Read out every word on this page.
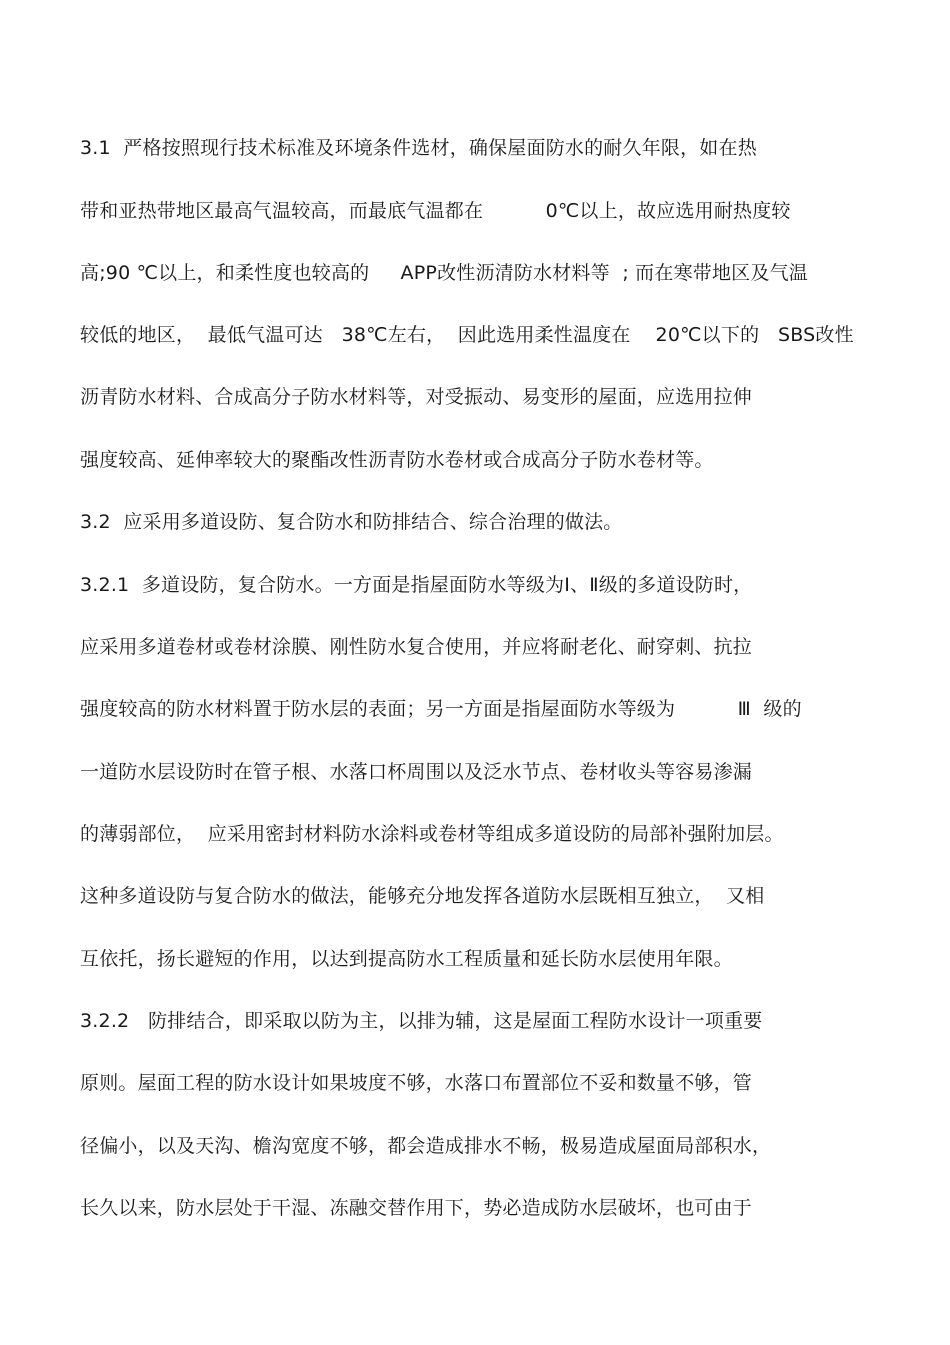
3.1  严格按照现行技术标准及环境条件选材，确保屋面防水的耐久年限，如在热
带和亚热带地区最高气温较高，而最底气温都在          0℃以上，故应选用耐热度较
高;90 ℃以上，和柔性度也较高的     APP改性沥清防水材料等  ; 而在寒带地区及气温
较低的地区，  最低气温可达   38℃左右，  因此选用柔性温度在    20℃以下的   SBS改性
沥青防水材料、合成高分子防水材料等，对受振动、易变形的屋面，应选用拉伸
强度较高、延伸率较大的聚酯改性沥青防水卷材或合成高分子防水卷材等。
3.2  应采用多道设防、复合防水和防排结合、综合治理的做法。
3.2.1  多道设防，复合防水。一方面是指屋面防水等级为Ⅰ、Ⅱ级的多道设防时，
应采用多道卷材或卷材涂膜、刚性防水复合使用，并应将耐老化、耐穿刺、抗拉
强度较高的防水材料置于防水层的表面；另一方面是指屋面防水等级为          Ⅲ  级的
一道防水层设防时在管子根、水落口杯周围以及泛水节点、卷材收头等容易渗漏
的薄弱部位，  应采用密封材料防水涂料或卷材等组成多道设防的局部补强附加层。
这种多道设防与复合防水的做法，能够充分地发挥各道防水层既相互独立，  又相
互依托，扬长避短的作用，以达到提高防水工程质量和延长防水层使用年限。
3.2.2   防排结合，即采取以防为主，以排为辅，这是屋面工程防水设计一项重要
原则。屋面工程的防水设计如果坡度不够，水落口布置部位不妥和数量不够，管
径偏小，以及天沟、檐沟宽度不够，都会造成排水不畅，极易造成屋面局部积水，
长久以来，防水层处于干湿、冻融交替作用下，势必造成防水层破坏，也可由于
